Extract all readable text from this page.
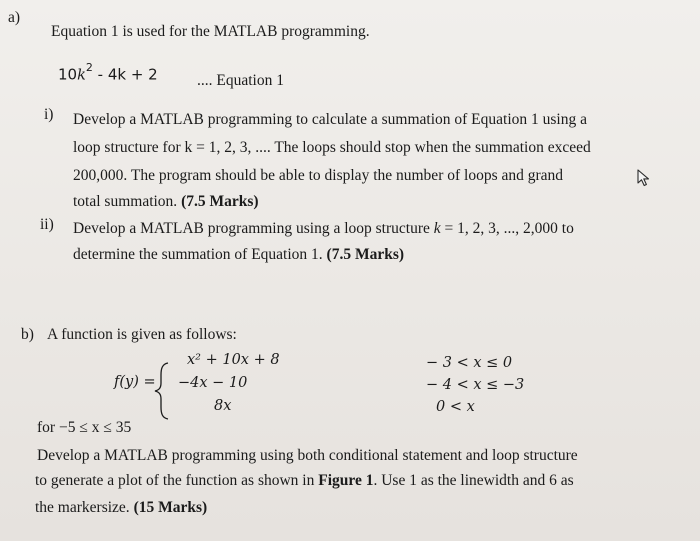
a)
Equation 1 is used for the MATLAB programming.
$10k^2 - 4k + 2$	.... Equation 1
i) Develop a MATLAB programming to calculate a summation of Equation 1 using a
loop structure for k = 1, 2, 3, .... The loops should stop when the summation exceed
200,000. The program should be able to display the number of loops and grand
total summation. (7.5 Marks)
ii) Develop a MATLAB programming using a loop structure k = 1, 2, 3, ..., 2,000 to
determine the summation of Equation 1. (7.5 Marks)
b) A function is given as follows:
f(y) =
x² + 10x + 8
−4x − 10
8x
− 3 < x ≤ 0
− 4 < x ≤ −3
0 < x
for −5 ≤ x ≤ 35
Develop a MATLAB programming using both conditional statement and loop structure
to generate a plot of the function as shown in Figure 1. Use 1 as the linewidth and 6 as
the markersize. (15 Marks)
